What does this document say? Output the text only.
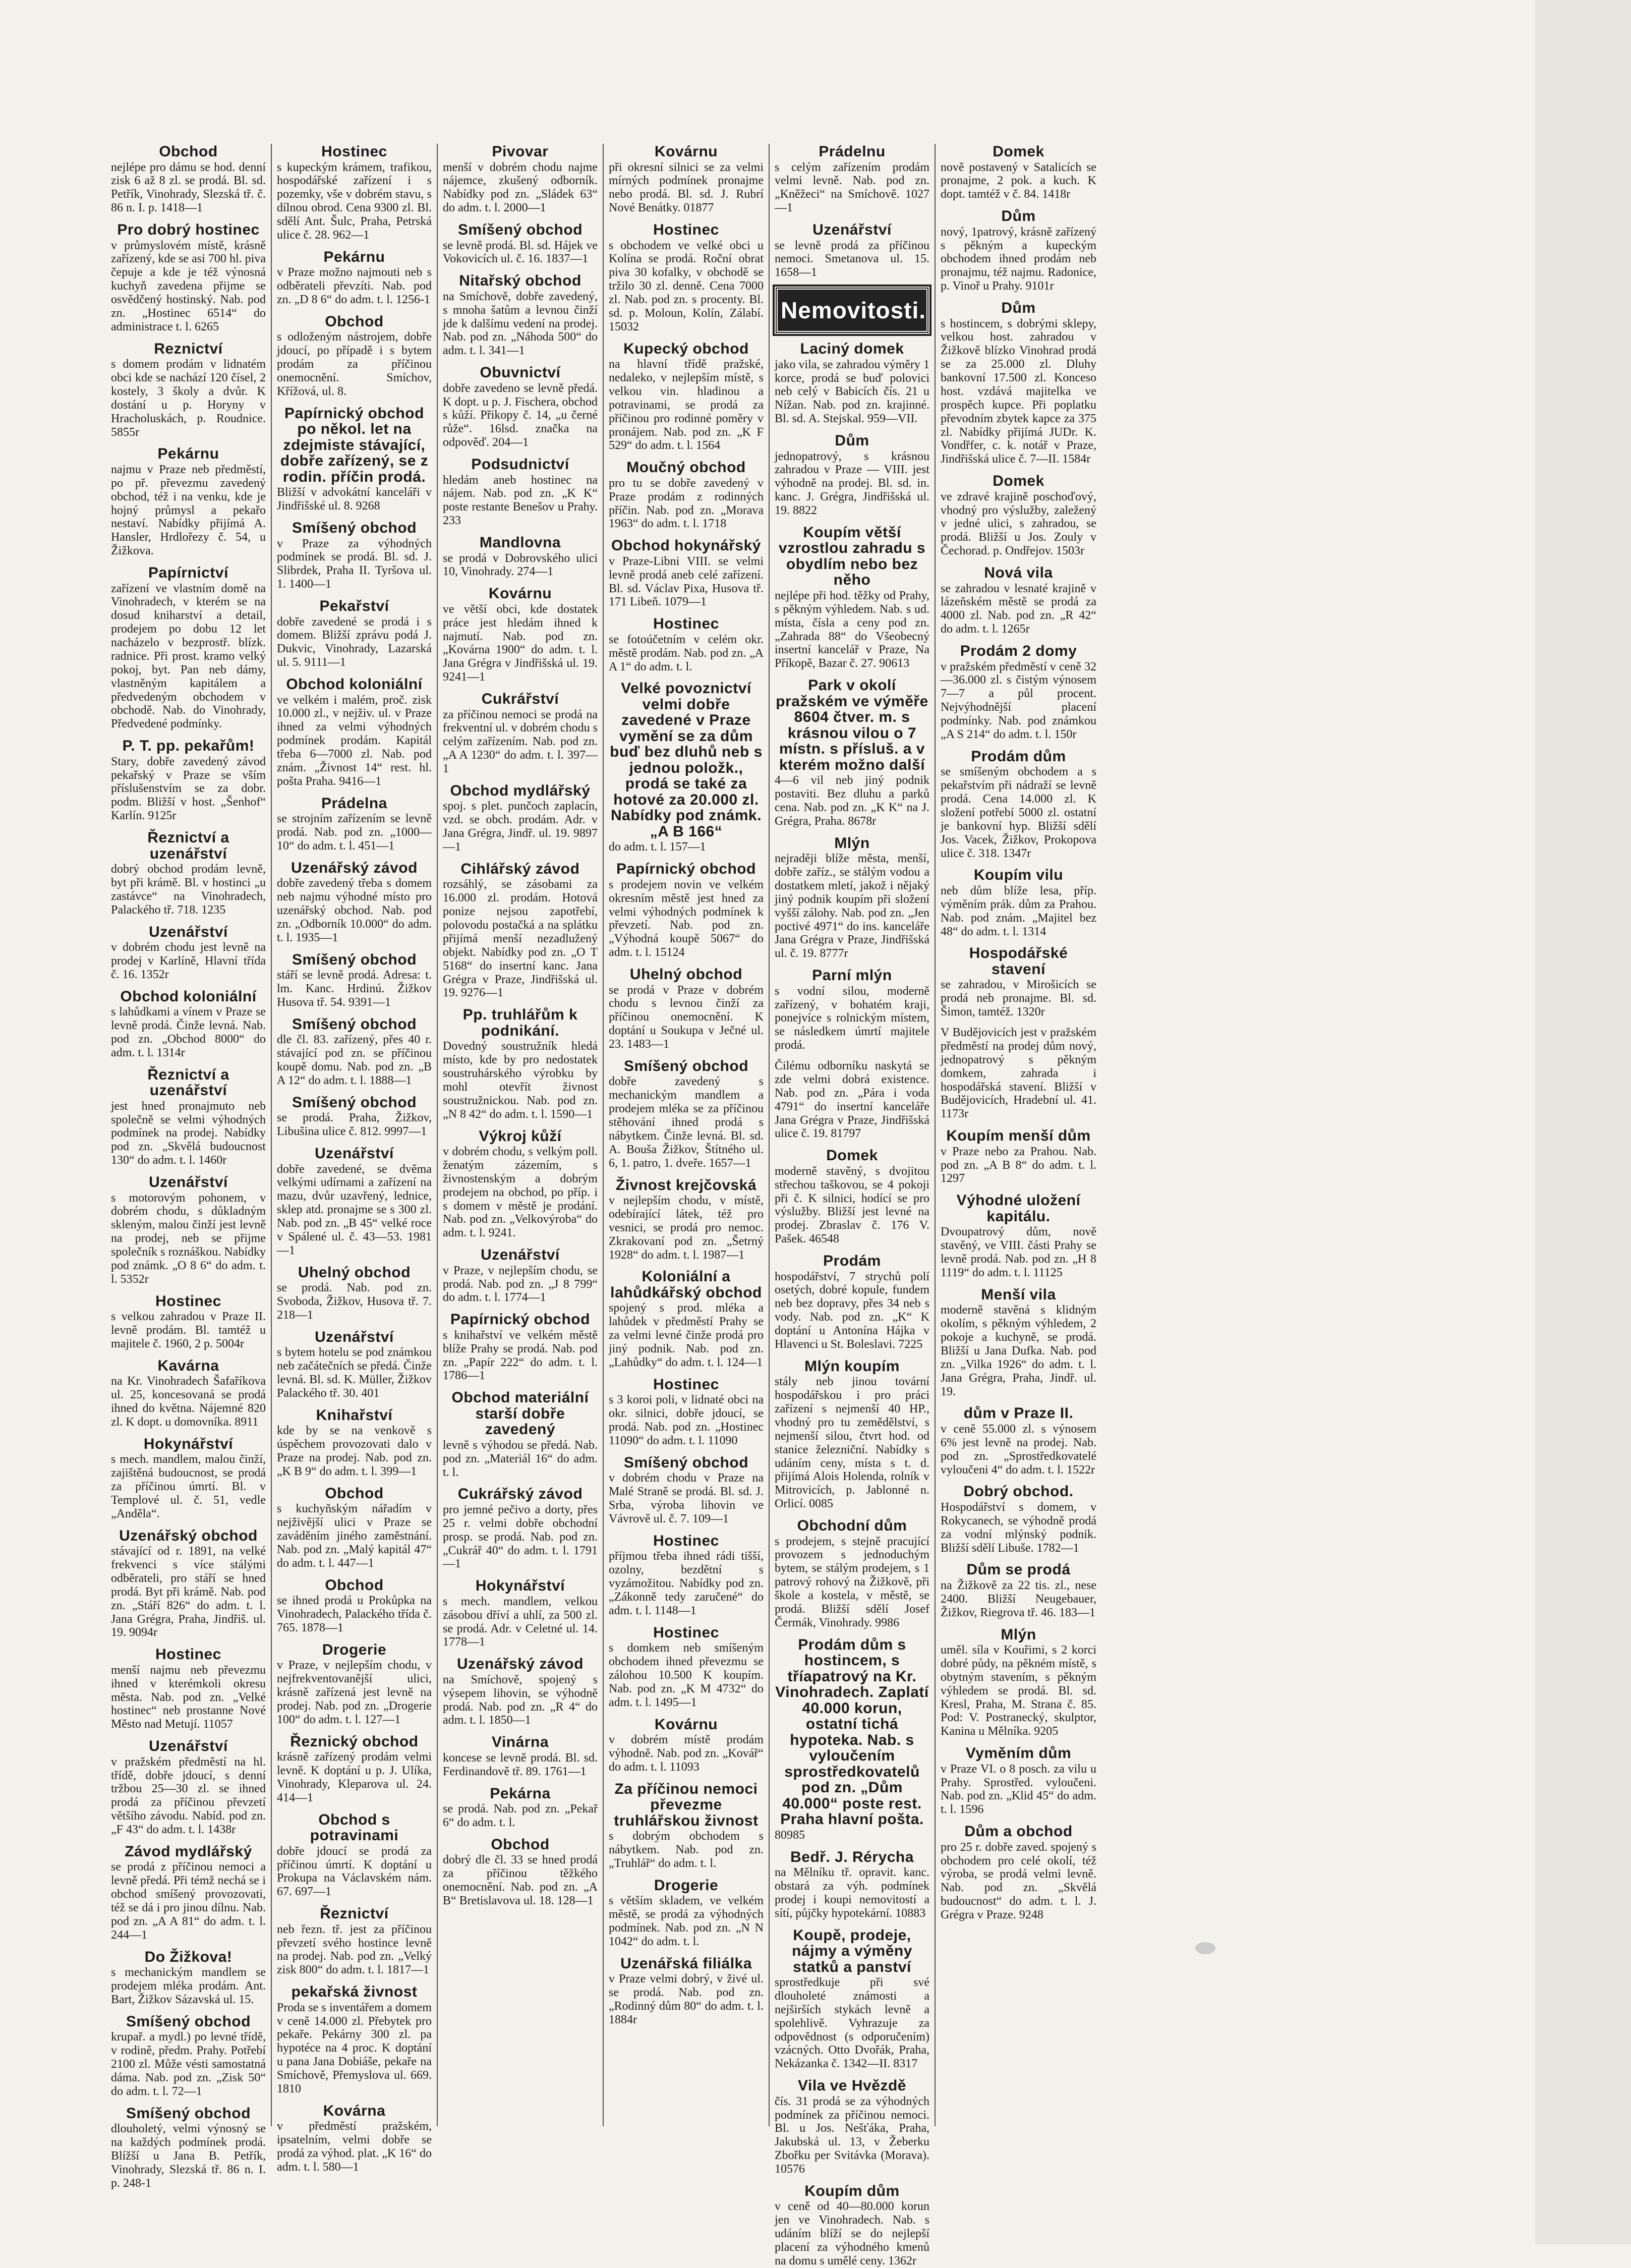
Obchod

nejlépe pro dámu se hod. denní zisk 6 až 8 zl. se prodá. Bl. sd. Petřík, Vinohrady, Slezská tř. č. 86 n. I. p. 1418—1

Pro dobrý hostinec

v průmyslovém místě, krásně zařízený, kde se asi 700 hl. piva čepuje a kde je též výnosná kuchyň zavedena přijme se osvědčený hostinský. Nab. pod zn. „Hostinec 6514“ do administrace t. l. 6265

Reznictví

s domem prodám v lidnatém obci kde se nachází 120 čísel, 2 kostely, 3 školy a dvůr. K dostání u p. Horyny v Hracholuskách, p. Roudnice. 5855r

Pekárnu

najmu v Praze neb předměstí, po př. převezmu zavedený obchod, též i na venku, kde je hojný průmysl a pekařo nestaví. Nabídky přijímá A. Hansler, Hrdlořezy č. 54, u Žižkova.

Papírnictví

zařízení ve vlastním domě na Vinohradech, v kterém se na dosud kniharství a detail, prodejem po dobu 12 let nacházelo v bezprostř. blízk. radnice. Při prost. kramo velký pokoj, byt. Pan neb dámy, vlastněným kapitálem a předvedeným obchodem v obchodě. Nab. do Vinohrady, Předvedené podmínky.

P. T. pp. pekařům!

Stary, dobře zavedený závod pekařský v Praze se vším příslušenstvím se za dobr. podm. Bližší v host. „Šenhof“ Karlín. 9125r

Řeznictví a uzenářství

dobrý obchod prodám levně, byt při krámě. Bl. v hostinci „u zastávce“ na Vinohradech, Palackého tř. 718. 1235

Uzenářství

v dobrém chodu jest levně na prodej v Karlíně, Hlavní třída č. 16. 1352r

Obchod koloniální

s lahůdkami a vínem v Praze se levně prodá. Činže levná. Nab. pod zn. „Obchod 8000“ do adm. t. l. 1314r

Řeznictví a uzenářství

jest hned pronajmuto neb společně se velmi výhodných podmínek na prodej. Nabídky pod zn. „Skvělá budoucnost 130“ do adm. t. l. 1460r

Uzenářství

s motorovým pohonem, v dobrém chodu, s důkladným skleným, malou činží jest levně na prodej, neb se přijme společník s roznáškou. Nabídky pod známk. „O 8 6“ do adm. t. l. 5352r

Hostinec

s velkou zahradou v Praze II. levně prodám. Bl. tamtéž u majitele č. 1960, 2 p. 5004r

Kavárna

na Kr. Vinohradech Šafaříkova ul. 25, koncesovaná se prodá ihned do května. Nájemné 820 zl. K dopt. u domovníka. 8911

Hokynářství

s mech. mandlem, malou činží, zajištěná budoucnost, se prodá za příčinou úmrtí. Bl. v Templové ul. č. 51, vedle „Anděla“.

Uzenářský obchod

stávající od r. 1891, na velké frekvenci s více stálými odběrateli, pro stáří se hned prodá. Byt při krámě. Nab. pod zn. „Stáří 826“ do adm. t. l. Jana Grégra, Praha, Jindřiš. ul. 19. 9094r

Hostinec

menší najmu neb převezmu ihned v kterémkoli okresu města. Nab. pod zn. „Velké hostinec“ neb prostanne Nové Město nad Metují. 11057

Uzenářství

v pražském předměstí na hl. třídě, dobře jdoucí, s denní tržbou 25—30 zl. se ihned prodá za příčinou převzetí většího závodu. Nabíd. pod zn. „F 43“ do adm. t. l. 1438r

Závod mydlářský

se prodá z příčinou nemoci a levně předá. Při témž nechá se i obchod smíšený provozovati, též se dá i pro jinou dílnu. Nab. pod zn. „A A 81“ do adm. t. l. 244—1

Do Žižkova!

s mechanickým mandlem se prodejem mléka prodám. Ant. Bart, Žižkov Sázavská ul. 15.

Smíšený obchod

krupař. a mydl.) po levné třídě, v rodině, předm. Prahy. Potřebí 2100 zl. Může vésti samostatná dáma. Nab. pod zn. „Zisk 50“ do adm. t. l. 72—1

Smíšený obchod

dlouholetý, velmi výnosný se na každých podmínek prodá. Blížší u Jana B. Petřík, Vinohrady, Slezská tř. 86 n. I. p. 248-1

Hostinec

s kupeckým krámem, trafikou, hospodářské zařízení i s pozemky, vše v dobrém stavu, s dílnou obrod. Cena 9300 zl. Bl. sdělí Ant. Šulc, Praha, Petrská ulice č. 28. 962—1

Pekárnu

v Praze možno najmouti neb s odběrateli převzíti. Nab. pod zn. „D 8 6“ do adm. t. l. 1256-1

Obchod

s odloženým nástrojem, dobře jdoucí, po případě i s bytem prodám za příčinou onemocnění. Smíchov, Křížová, ul. 8.

Papírnický obchod po někol. let na zdejmiste stávající, dobře zařízený, se z rodin. příčin prodá.

Bližší v advokátní kanceláři v Jindřišské ul. 8. 9268

Smíšený obchod

v Praze za výhodných podmínek se prodá. Bl. sd. J. Slibrdek, Praha II. Tyršova ul. 1. 1400—1

Pekařství

dobře zavedené se prodá i s domem. Bližší zprávu podá J. Dukvic, Vinohrady, Lazarská ul. 5. 9111—1

Obchod koloniální

ve velkém i malém, proč. zisk 10.000 zl., v nejživ. ul. v Praze ihned za velmi výhodných podmínek prodám. Kapitál třeba 6—7000 zl. Nab. pod znám. „Živnost 14“ rest. hl. pošta Praha. 9416—1

Prádelna

se strojním zařízením se levně prodá. Nab. pod zn. „1000—10“ do adm. t. l. 451—1

Uzenářský závod

dobře zavedený třeba s domem neb najmu výhodné místo pro uzenářský obchod. Nab. pod zn. „Odborník 10.000“ do adm. t. l. 1935—1

Smíšený obchod

stáří se levně prodá. Adresa: t. lm. Kanc. Hrdinú. Žižkov Husova tř. 54. 9391—1

Smíšený obchod

dle čl. 83. zařízený, přes 40 r. stávající pod zn. se příčinou koupě domu. Nab. pod zn. „B A 12“ do adm. t. l. 1888—1

Smíšený obchod

se prodá. Praha, Žižkov, Libušina ulice č. 812. 9997—1

Uzenářství

dobře zavedené, se dvěma velkými udírnami a zařízení na mazu, dvůr uzavřený, lednice, sklep atd. pronajme se s 300 zl. Nab. pod zn. „B 45“ velké roce v Spálené ul. č. 43—53. 1981—1

Uhelný obchod

se prodá. Nab. pod zn. Svoboda, Žižkov, Husova tř. 7. 218—1

Uzenářství

s bytem hotelu se pod známkou neb začátečních se předá. Činže levná. Bl. sd. K. Müller, Žižkov Palackého tř. 30. 401

Knihařství

kde by se na venkově s úspěchem provozovati dalo v Praze na prodej. Nab. pod zn. „K B 9“ do adm. t. l. 399—1

Obchod

s kuchyňským nářadím v nejživější ulici v Praze se zaváděním jiného zaměstnání. Nab. pod zn. „Malý kapitál 47“ do adm. t. l. 447—1

Obchod

se ihned prodá u Prokůpka na Vinohradech, Palackého třída č. 765. 1878—1

Drogerie

v Praze, v nejlepším chodu, v nejfrekventovanější ulici, krásně zařízená jest levně na prodej. Nab. pod zn. „Drogerie 100“ do adm. t. l. 127—1

Řeznický obchod

krásně zařízený prodám velmi levně. K doptání u p. J. Ulíka, Vinohrady, Kleparova ul. 24. 414—1

Obchod s potravinami

dobře jdoucí se prodá za příčinou úmrtí. K doptání u Prokupa na Václavském nám. 67. 697—1

Řeznictví

neb řezn. tř. jest za příčinou převzetí svého hostince levně na prodej. Nab. pod zn. „Velký zisk 800“ do adm. t. l. 1817—1

pekařská živnost

Proda se s inventářem a domem v ceně 14.000 zl. Přebytek pro pekaře. Pekárny 300 zl. pa hypotéce na 4 proc. K doptání u pana Jana Dobiáše, pekaře na Smíchově, Přemyslova ul. 669. 1810

Kovárna

v předměstí pražském, ipsatelním, velmi dobře se prodá za výhod. plat. „K 16“ do adm. t. l. 580—1

Pivovar

menší v dobrém chodu najme nájemce, zkušený odborník. Nabídky pod zn. „Sládek 63“ do adm. t. l. 2000—1

Smíšený obchod

se levně prodá. Bl. sd. Hájek ve Vokovicích ul. č. 16. 1837—1

Nitařský obchod

na Smíchově, dobře zavedený, s mnoha šatům a levnou činží jde k dalšímu vedení na prodej. Nab. pod zn. „Náhoda 500“ do adm. t. l. 341—1

Obuvnictví

dobře zavedeno se levně předá. K dopt. u p. J. Fischera, obchod s kůží. Přikopy č. 14, „u černé růže“. 16lsd. značka na odpověď. 204—1

Podsudnictví

hledám aneb hostinec na nájem. Nab. pod zn. „K K“ poste restante Benešov u Prahy. 233

Mandlovna

se prodá v Dobrovského ulici 10, Vinohrady. 274—1

Kovárnu

ve větší obci, kde dostatek práce jest hledám ihned k najmutí. Nab. pod zn. „Kovárna 1900“ do adm. t. l. Jana Grégra v Jindřišská ul. 19. 9241—1

Cukrářství

za příčinou nemoci se prodá na frekventní ul. v dobrém chodu s celým zařízením. Nab. pod zn. „A A 1230“ do adm. t. l. 397—1

Obchod mydlářský

spoj. s plet. punčoch zaplacín, vzd. se obch. prodám. Adr. v Jana Grégra, Jindř. ul. 19. 9897—1

Cihlářský závod

rozsáhlý, se zásobami za 16.000 zl. prodám. Hotová ponize nejsou zapotřebí, polovodu postačká a na splátku přijímá menší nezadlužený objekt. Nabídky pod zn. „O T 5168“ do insertní kanc. Jana Grégra v Praze, Jindřišská ul. 19. 9276—1

Pp. truhlářům k podnikání.

Dovedný soustružník hledá místo, kde by pro nedostatek soustruhárského výrobku by mohl otevřít živnost soustružnickou. Nab. pod zn. „N 8 42“ do adm. t. l. 1590—1

Výkroj kůží

v dobrém chodu, s velkým poll. ženatým zázemím, s živnostenským a dobrým prodejem na obchod, po příp. i s domem v městě je prodání. Nab. pod zn. „Velkovýroba“ do adm. t. l. 9241.

Uzenářství

v Praze, v nejlepším chodu, se prodá. Nab. pod zn. „J 8 799“ do adm. t. l. 1774—1

Papírnický obchod

s knihařství ve velkém městě blíže Prahy se prodá. Nab. pod zn. „Papír 222“ do adm. t. l. 1786—1

Obchod materiální starší dobře zavedený

levně s výhodou se předá. Nab. pod zn. „Materiál 16“ do adm. t. l.

Cukrářský závod

pro jemné pečivo a dorty, přes 25 r. velmi dobře obchodní prosp. se prodá. Nab. pod zn. „Cukrář 40“ do adm. t. l. 1791—1

Hokynářství

s mech. mandlem, velkou zásobou dříví a uhlí, za 500 zl. se prodá. Adr. v Celetné ul. 14. 1778—1

Uzenářský závod

na Smíchově, spojený s výsepem lihovin, se výhodně prodá. Nab. pod zn. „R 4“ do adm. t. l. 1850—1

Vinárna

koncese se levně prodá. Bl. sd. Ferdinandově tř. 89. 1761—1

Pekárna

se prodá. Nab. pod zn. „Pekař 6“ do adm. t. l.

Obchod

dobrý dle čl. 33 se hned prodá za příčinou těžkého onemocnění. Nab. pod zn. „A B“ Bretislavova ul. 18. 128—1

Kovárnu

při okresní silnici se za velmi mírných podmínek pronajme nebo prodá. Bl. sd. J. Rubrí Nové Benátky. 01877

Hostinec

s obchodem ve velké obci u Kolína se prodá. Roční obrat piva 30 kofalky, v obchodě se tržilo 30 zl. denně. Cena 7000 zl. Nab. pod zn. s procenty. Bl. sd. p. Moloun, Kolín, Zálabí. 15032

Kupecký obchod

na hlavní třídě pražské, nedaleko, v nejlepším místě, s velkou vin. hladinou a potravinami, se prodá za příčinou pro rodinné poměry v pronájem. Nab. pod zn. „K F 529“ do adm. t. l. 1564

Moučný obchod

pro tu se dobře zavedený v Praze prodám z rodinných příčin. Nab. pod zn. „Morava 1963“ do adm. t. l. 1718

Obchod hokynářský

v Praze-Libni VIII. se velmi levně prodá aneb celé zařízení. Bl. sd. Václav Pixa, Husova tř. 171 Libeň. 1079—1

Hostinec

se fotoúčetním v celém okr. městě prodám. Nab. pod zn. „A A 1“ do adm. t. l.

Velké povoznictví velmi dobře zavedené v Praze vymění se za dům buď bez dluhů neb s jednou položk., prodá se také za hotové za 20.000 zl. Nabídky pod známk. „A B 166“

do adm. t. l. 157—1

Papírnický obchod

s prodejem novin ve velkém okresním městě jest hned za velmi výhodných podmínek k převzetí. Nab. pod zn. „Výhodná koupě 5067“ do adm. t. l. 15124

Uhelný obchod

se prodá v Praze v dobrém chodu s levnou činží za příčinou onemocnění. K doptání u Soukupa v Ječné ul. 23. 1483—1

Smíšený obchod

dobře zavedený s mechanickým mandlem a prodejem mléka se za příčinou stěhování ihned prodá s nábytkem. Činže levná. Bl. sd. A. Bouša Žižkov, Štítného ul. 6, 1. patro, 1. dveře. 1657—1

Živnost krejčovská

v nejlepším chodu, v místě, odebírající látek, též pro vesnici, se prodá pro nemoc. Zkrakovaní pod zn. „Šetrný 1928“ do adm. t. l. 1987—1

Koloniální a lahůdkářský obchod

spojený s prod. mléka a lahůdek v předměstí Prahy se za velmi levné činže prodá pro jiný podnik. Nab. pod zn. „Lahůdky“ do adm. t. l. 124—1

Hostinec

s 3 koroi poli, v lidnaté obci na okr. silnici, dobře jdoucí, se prodá. Nab. pod zn. „Hostinec 11090“ do adm. t. l. 11090

Smíšený obchod

v dobrém chodu v Praze na Malé Straně se prodá. Bl. sd. J. Srba, výroba lihovin ve Vávrově ul. č. 7. 109—1

Hostinec

příjmou třeba ihned rádi tišší, ozolny, bezdětní s vyzámožitou. Nabídky pod zn. „Zákonně tedy zaručené“ do adm. t. l. 1148—1

Hostinec

s domkem neb smíšeným obchodem ihned převezmu se zálohou 10.500 K koupím. Nab. pod zn. „K M 4732“ do adm. t. l. 1495—1

Kovárnu

v dobrém místě prodám výhodně. Nab. pod zn. „Kovář“ do adm. t. l. 11093

Za příčinou nemoci převezme truhlářskou živnost

s dobrým obchodem s nábytkem. Nab. pod zn. „Truhlář“ do adm. t. l.

Drogerie

s větším skladem, ve velkém městě, se prodá za výhodných podmínek. Nab. pod zn. „N N 1042“ do adm. t. l.

Uzenářská filiálka

v Praze velmi dobrý, v živé ul. se prodá. Nab. pod zn. „Rodinný dům 80“ do adm. t. l. 1884r

Prádelnu

s celým zařízením prodám velmi levně. Nab. pod zn. „Kněžeci“ na Smíchově. 1027—1

Uzenářství

se levně prodá za příčinou nemoci. Smetanova ul. 15. 1658—1

Nemovitosti.
Laciný domek

jako vila, se zahradou výměry 1 korce, prodá se buď polovici neb celý v Babicích čís. 21 u Nížan. Nab. pod zn. krajinné. Bl. sd. A. Stejskal. 959—VII.

Dům

jednopatrový, s krásnou zahradou v Praze — VIII. jest výhodně na prodej. Bl. sd. in. kanc. J. Grégra, Jindřišská ul. 19. 8822

Koupím větší vzrostlou zahradu s obydlím nebo bez něho

nejlépe při hod. těžky od Prahy, s pěkným výhledem. Nab. s ud. místa, čísla a ceny pod zn. „Zahrada 88“ do Všeobecný insertní kancelář v Praze, Na Příkopě, Bazar č. 27. 90613

Park v okolí pražském ve výměře 8604 čtver. m. s krásnou vilou o 7 místn. s přísluš. a v kterém možno další

4—6 vil neb jiný podnik postaviti. Bez dluhu a parků cena. Nab. pod zn. „K K“ na J. Grégra, Praha. 8678r

Mlýn

nejraději blíže města, menší, dobře zaříz., se stálým vodou a dostatkem mletí, jakož i nějaký jiný podnik koupím při složení vyšší zálohy. Nab. pod zn. „Jen poctivé 4971“ do ins. kanceláře Jana Grégra v Praze, Jindřišská ul. č. 19. 8777r

Parní mlýn

s vodní silou, moderně zařízený, v bohatém kraji, ponejvíce s rolnickým místem, se následkem úmrtí majitele prodá.

Čilému odborníku naskytá se zde velmi dobrá existence. Nab. pod zn. „Pára i voda 4791“ do insertní kanceláře Jana Grégra v Praze, Jindřišská ulice č. 19. 81797

Domek

moderně stavěný, s dvojitou střechou taškovou, se 4 pokoji při č. K silnici, hodící se pro výslužby. Bližší jest levné na prodej. Zbraslav č. 176 V. Pašek. 46548

Prodám

hospodářství, 7 strychů polí osetých, dobré kopule, fundem neb bez dopravy, přes 34 neb s vody. Nab. pod zn. „K“ K doptání u Antonína Hájka v Hlavenci u St. Boleslavi. 7225

Mlýn koupím

stály neb jinou tovární hospodářskou i pro práci zařízení s nejmenší 40 HP., vhodný pro tu zemědělství, s nejmenší silou, čtvrt hod. od stanice železniční. Nabídky s udáním ceny, místa s t. d. přijímá Alois Holenda, rolník v Mitrovicích, p. Jablonné n. Orlicí. 0085

Obchodní dům

s prodejem, s stejně pracující provozem s jednoduchým bytem, se stálým prodejem, s 1 patrový rohový na Žižkově, při škole a kostela, v městě, se prodá. Bližší sdělí Josef Čermák, Vinohrady. 9986

Prodám dům s hostincem, s tříapatrový na Kr. Vinohradech. Zaplatí 40.000 korun, ostatní tichá hypoteka. Nab. s vyloučením sprostředkovatelů pod zn. „Dům 40.000“ poste rest. Praha hlavní pošta.

80985

Bedř. J. Rérycha

na Mělníku tř. opravit. kanc. obstará za výh. podmínek prodej i koupi nemovitostí a sítí, půjčky hypotekární. 10883

Koupě, prodeje, nájmy a výměny statků a panství

sprostředkuje při své dlouholeté známosti a nejširších stykách levně a spolehlivě. Vyhrazuje za odpovědnost (s odporučením) vzácných. Otto Dvořák, Praha, Nekázanka č. 1342—II. 8317

Vila ve Hvězdě

čís. 31 prodá se za výhodných podmínek za příčinou nemoci. Bl. u Jos. Nešťáka, Praha, Jakubská ul. 13, v Žeberku Zbořku per Svitávka (Morava). 10576

Koupím dům

v ceně od 40—80.000 korun jen ve Vinohradech. Nab. s udáním blíží se do nejlepší placení za výhodného kmenů na domu s umělé ceny. 1362r

Domek

nově postavený v Satalicích se pronajme, 2 pok. a kuch. K dopt. tamtéž v č. 84. 1418r

Dům

nový, 1patrový, krásně zařízený s pěkným a kupeckým obchodem ihned prodám neb pronajmu, též najmu. Radonice, p. Vinoř u Prahy. 9101r

Dům

s hostincem, s dobrými sklepy, velkou host. zahradou v Žižkově blízko Vinohrad prodá se za 25.000 zl. Dluhy bankovní 17.500 zl. Konceso host. vzdává majitelka ve prospěch kupce. Při poplatku převodním zbytek kapce za 375 zl. Nabídky přijímá JUDr. K. Vondřfer, c. k. notář v Praze, Jindřišská ulice č. 7—II. 1584r

Domek

ve zdravé krajině poschoďový, vhodný pro výslužby, zaležený v jedné ulici, s zahradou, se prodá. Bližší u Jos. Zouly v Čechorad. p. Ondřejov. 1503r

Nová vila

se zahradou v lesnaté krajině v lázeňském městě se prodá za 4000 zl. Nab. pod zn. „R 42“ do adm. t. l. 1265r

Prodám 2 domy

v pražském předměstí v ceně 32—36.000 zl. s čistým výnosem 7—7 a půl procent. Nejvýhodnější placení podmínky. Nab. pod známkou „A S 214“ do adm. t. l. 150r

Prodám dům

se smíšeným obchodem a s pekařstvím při nádraží se levně prodá. Cena 14.000 zl. K složení potřebí 5000 zl. ostatní je bankovní hyp. Bližší sdělí Jos. Vacek, Žižkov, Prokopova ulice č. 318. 1347r

Koupím vilu

neb dům blíže lesa, příp. výměním prák. dům za Prahou. Nab. pod znám. „Majitel bez 48“ do adm. t. l. 1314

Hospodářské stavení

se zahradou, v Mirošicích se prodá neb pronajme. Bl. sd. Šimon, tamtéž. 1320r

V Budějovicích jest v pražském předměstí na prodej dům nový, jednopatrový s pěkným domkem, zahrada i hospodářská stavení. Bližší v Budějovicích, Hradební ul. 41. 1173r

Koupím menší dům

v Praze nebo za Prahou. Nab. pod zn. „A B 8“ do adm. t. l. 1297

Výhodné uložení kapitálu.

Dvoupatrový dům, nově stavěný, ve VIII. části Prahy se levně prodá. Nab. pod zn. „H 8 1119“ do adm. t. l. 11125

Menší vila

moderně stavěná s klidným okolím, s pěkným výhledem, 2 pokoje a kuchyně, se prodá. Bližší u Jana Dufka. Nab. pod zn. „Vilka 1926“ do adm. t. l. Jana Grégra, Praha, Jindř. ul. 19.

dům v Praze II.

v ceně 55.000 zl. s výnosem 6% jest levně na prodej. Nab. pod zn. „Sprostředkovatelé vyloučeni 4“ do adm. t. l. 1522r

Dobrý obchod.

Hospodářství s domem, v Rokycanech, se výhodně prodá za vodní mlýnský podnik. Bližší sdělí Libuše. 1782—1

Dům se prodá

na Žižkově za 22 tis. zl., nese 2400. Bližší Neugebauer, Žižkov, Riegrova tř. 46. 183—1

Mlýn

uměl. síla v Kouřimi, s 2 korci dobré půdy, na pěkném místě, s obytným stavením, s pěkným výhledem se prodá. Bl. sd. Kresl, Praha, M. Strana č. 85. Pod: V. Postranecký, skulptor, Kanina u Mělníka. 9205

Vyměním dům

v Praze VI. o 8 posch. za vilu u Prahy. Sprostřed. vyloučeni. Nab. pod zn. „Klid 45“ do adm. t. l. 1596

Dům a obchod

pro 25 r. dobře zaved. spojený s obchodem pro celé okolí, též výroba, se prodá velmi levně. Nab. pod zn. „Skvělá budoucnost“ do adm. t. l. J. Grégra v Praze. 9248
